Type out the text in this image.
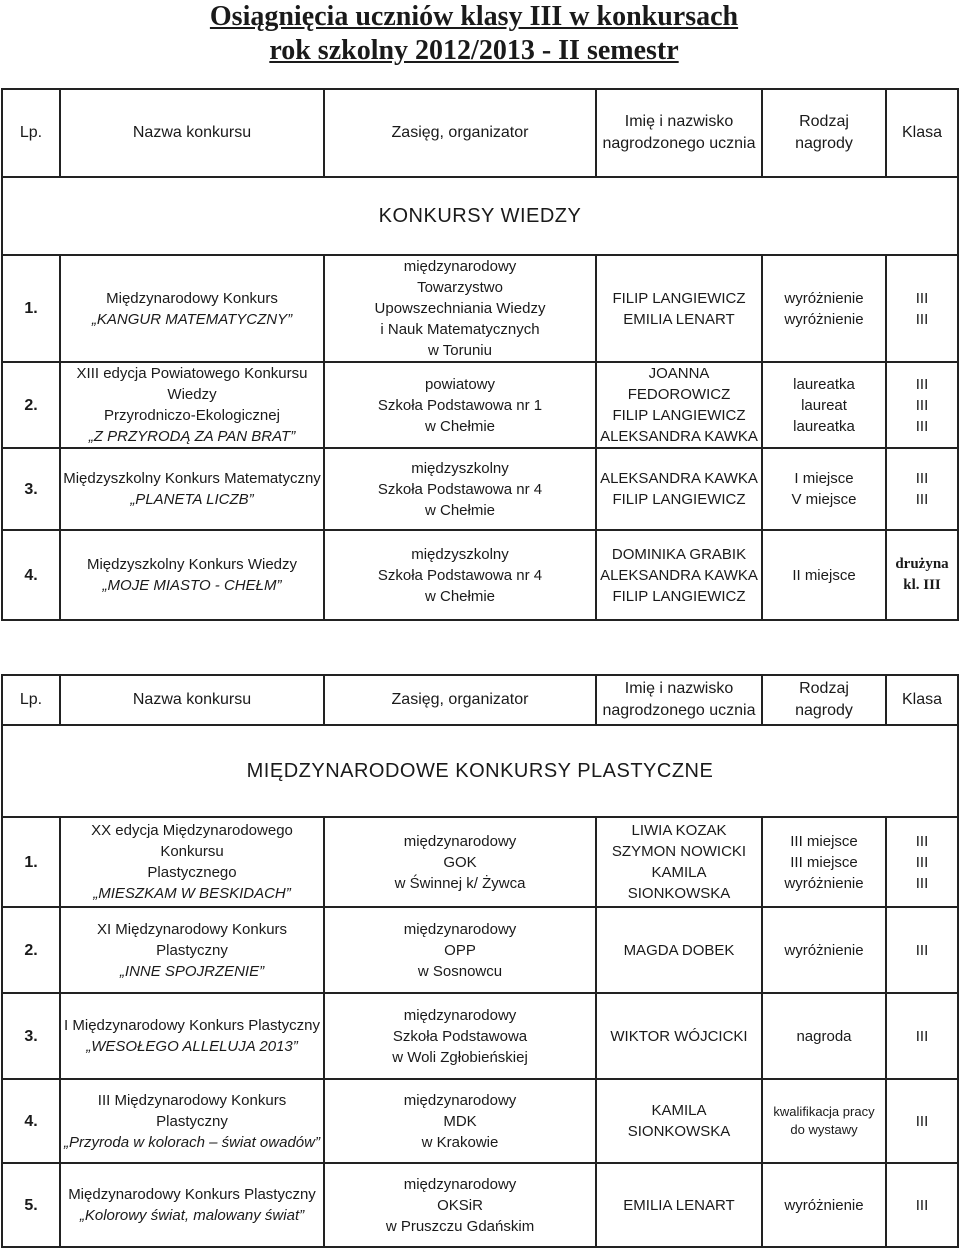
Osiągnięcia uczniów klasy III w konkursach
rok szkolny 2012/2013 - II semestr
Lp.	Nazwa konkursu	Zasięg, organizator	Imię i nazwisko
nagrodzonego ucznia	Rodzaj
nagrody	Klasa
KONKURSY WIEDZY					
1.	Międzynarodowy Konkurs
„KANGUR MATEMATYCZNY”	międzynarodowy
Towarzystwo
Upowszechniania Wiedzy
i Nauk Matematycznych
w Toruniu	FILIP LANGIEWICZ
EMILIA LENART	wyróżnienie
wyróżnienie	III
III

2.	XIII edycja Powiatowego Konkursu Wiedzy
Przyrodniczo-Ekologicznej
„Z PRZYRODĄ ZA PAN BRAT”	powiatowy
Szkoła Podstawowa nr 1
w Chełmie	JOANNA FEDOROWICZ
FILIP LANGIEWICZ
ALEKSANDRA KAWKA	laureatka
laureat
laureatka	III
III
III

3.	Międzyszkolny Konkurs Matematyczny
„PLANETA LICZB”	międzyszkolny
Szkoła Podstawowa nr 4
w Chełmie	ALEKSANDRA KAWKA
FILIP LANGIEWICZ	I miejsce
V miejsce	III
III

4.	Międzyszkolny Konkurs Wiedzy
„MOJE MIASTO - CHEŁM”	międzyszkolny
Szkoła Podstawowa nr 4
w Chełmie	DOMINIKA GRABIK
ALEKSANDRA KAWKA
FILIP LANGIEWICZ	II miejsce	drużyna
kl. III
Lp.	Nazwa konkursu	Zasięg, organizator	Imię i nazwisko
nagrodzonego ucznia	Rodzaj
nagrody	Klasa
MIĘDZYNARODOWE KONKURSY PLASTYCZNE					
1.	XX edycja Międzynarodowego Konkursu
Plastycznego
„MIESZKAM W BESKIDACH”	międzynarodowy
GOK
w Świnnej k/ Żywca	LIWIA KOZAK
SZYMON NOWICKI
KAMILA SIONKOWSKA	III miejsce
III miejsce
wyróżnienie	III
III
III

2.	XI Międzynarodowy Konkurs Plastyczny
„INNE SPOJRZENIE”	międzynarodowy
OPP
w Sosnowcu	MAGDA DOBEK	wyróżnienie	III

3.	I Międzynarodowy Konkurs Plastyczny
„WESOŁEGO ALLELUJA 2013”	międzynarodowy
Szkoła Podstawowa
w Woli Zgłobieńskiej	WIKTOR WÓJCICKI	nagroda	III

4.	III Międzynarodowy Konkurs Plastyczny
„Przyroda w kolorach – świat owadów”	międzynarodowy
MDK
w Krakowie	KAMILA SIONKOWSKA	kwalifikacja pracy
do wystawy	III

5.	Międzynarodowy Konkurs Plastyczny
„Kolorowy świat, malowany świat”	międzynarodowy
OKSiR
w Pruszczu Gdańskim	EMILIA LENART	wyróżnienie	III
